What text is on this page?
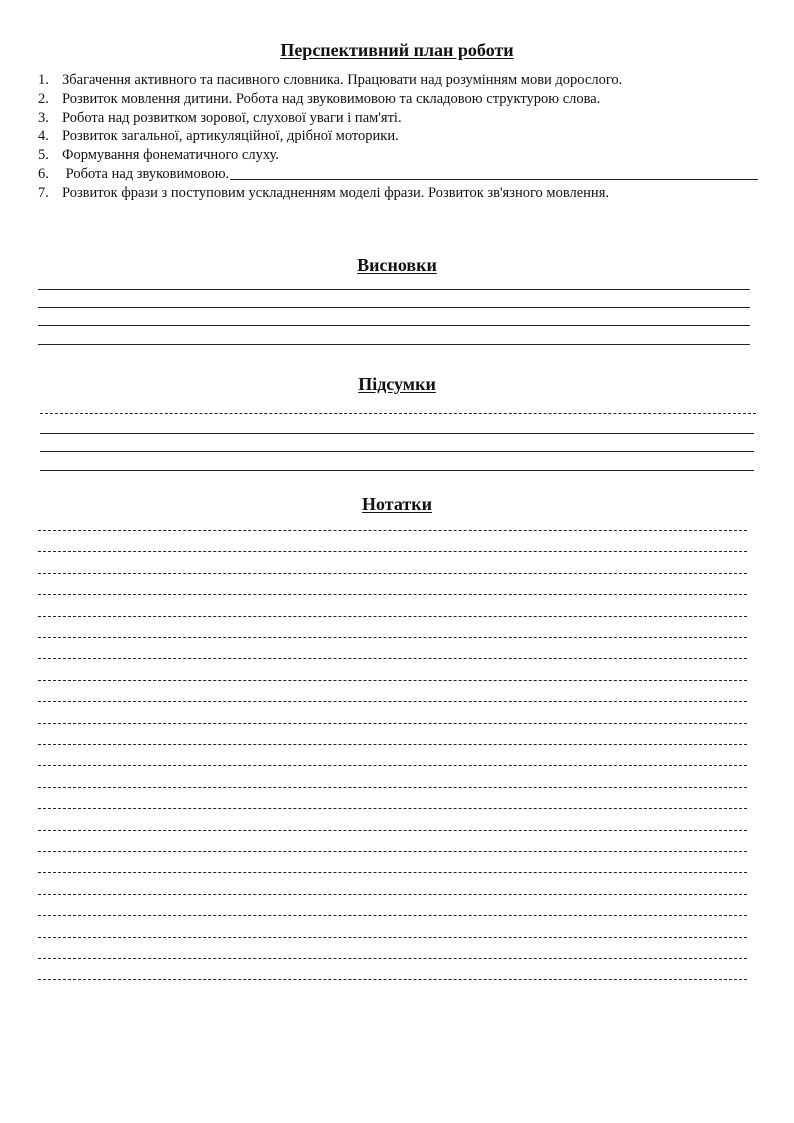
Перспективний план роботи
1. Збагачення активного та пасивного словника. Працювати над розумінням мови дорослого.
2. Розвиток мовлення дитини. Робота над звуковимовою та складовою структурою слова.
3. Робота над розвитком зорової, слухової уваги і пам'яті.
4. Розвиток загальної, артикуляційної, дрібної моторики.
5. Формування фонематичного слуху.
6. Робота над звуковимовою.
7. Розвиток фрази з поступовим ускладненням моделі фрази. Розвиток зв'язного мовлення.
Висновки
Підсумки
Нотатки
